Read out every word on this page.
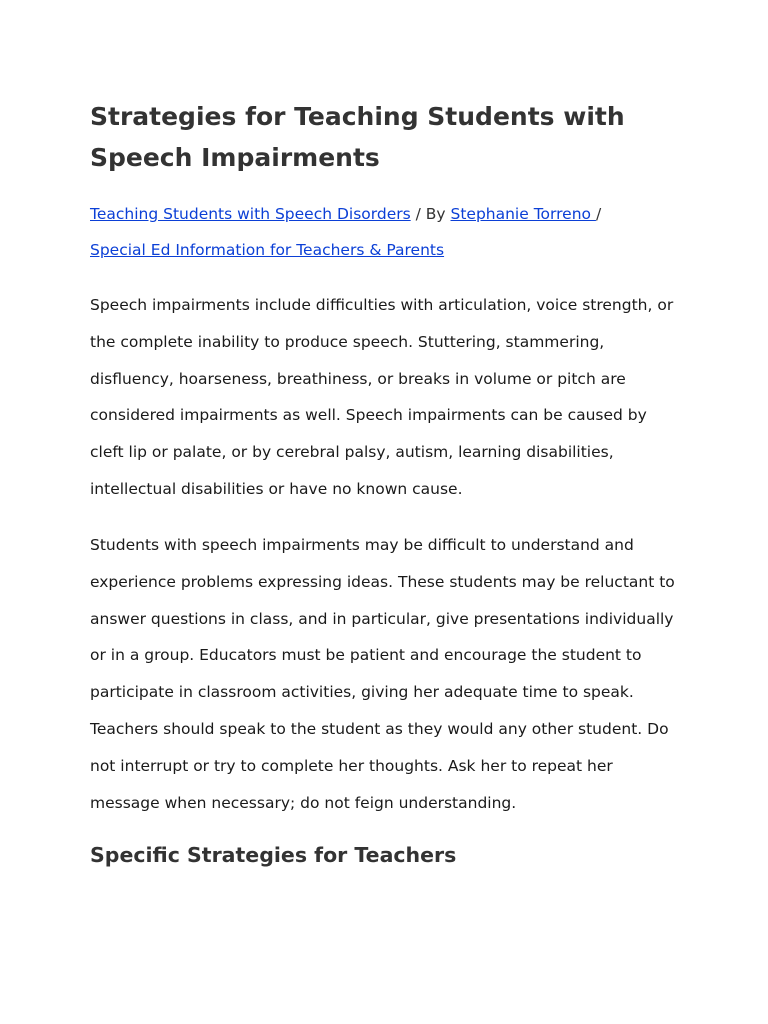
Strategies for Teaching Students with Speech Impairments

Teaching Students with Speech Disorders / By Stephanie Torreno /
Special Ed Information for Teachers & Parents

Speech impairments include difficulties with articulation, voice strength, or the complete inability to produce speech. Stuttering, stammering, disfluency, hoarseness, breathiness, or breaks in volume or pitch are considered impairments as well. Speech impairments can be caused by cleft lip or palate, or by cerebral palsy, autism, learning disabilities, intellectual disabilities or have no known cause.

Students with speech impairments may be difficult to understand and experience problems expressing ideas. These students may be reluctant to answer questions in class, and in particular, give presentations individually or in a group. Educators must be patient and encourage the student to participate in classroom activities, giving her adequate time to speak. Teachers should speak to the student as they would any other student. Do not interrupt or try to complete her thoughts. Ask her to repeat her message when necessary; do not feign understanding.

Specific Strategies for Teachers
